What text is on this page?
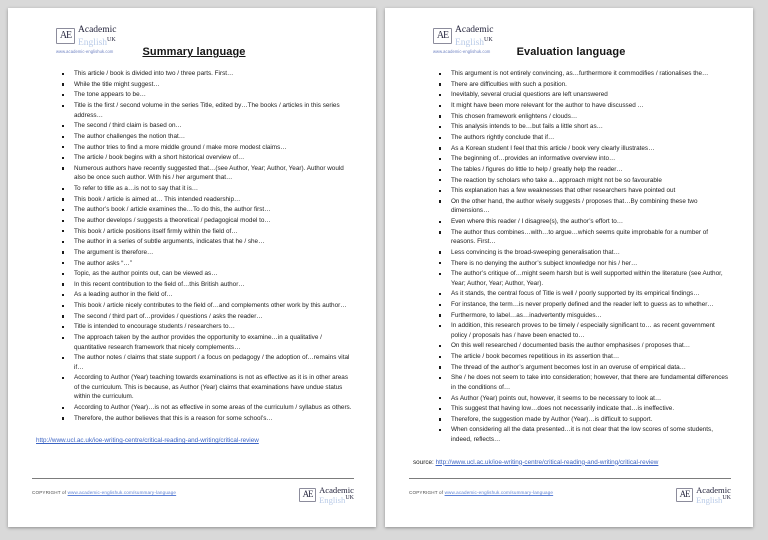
AE Academic
English$^{UK}$
www.academic-englishuk.com	Summary language
This article / book is divided into two / three parts. First…
While the title might suggest…
The tone appears to be…
Title is the first / second volume in the series Title, edited by…The books / articles in this series address…
The second / third claim is based on…
The author challenges the notion that…
The author tries to find a more middle ground / make more modest claims…
The article / book begins with a short historical overview of…
Numerous authors have recently suggested that…(see Author, Year; Author, Year). Author would also be once such author. With his / her argument that…
To refer to title as a…is not to say that it is…
This book / article is aimed at… This intended readership…
The author’s book / article examines the…To do this, the author first…
The author develops / suggests a theoretical / pedagogical model to…
This book / article positions itself firmly within the field of…
The author in a series of subtle arguments, indicates that he / she…
The argument is therefore…
The author asks “…”
Topic, as the author points out, can be viewed as…
In this recent contribution to the field of…this British author…
As a leading author in the field of…
This book / article nicely contributes to the field of…and complements other work by this author…
The second / third part of…provides / questions / asks the reader…
Title is intended to encourage students / researchers to…
The approach taken by the author provides the opportunity to examine…in a qualitative / quantitative research framework that nicely complements…
The author notes / claims that state support / a focus on pedagogy / the adoption of…remains vital if…
According to Author (Year) teaching towards examinations is not as effective as it is in other areas of the curriculum. This is because, as Author (Year) claims that examinations have undue status within the curriculum.
According to Author (Year)…is not as effective in some areas of the curriculum / syllabus as others.
Therefore, the author believes that this is a reason for some school’s…
http://www.ucl.ac.uk/ioe-writing-centre/critical-reading-and-writing/critical-review
COPYRIGHT of www.academic-englishuk.com/summary-language	AE Academic
English$^{UK}$
AE Academic
English$^{UK}$
www.academic-englishuk.com	Evaluation language
This argument is not entirely convincing, as…furthermore it commodifies / rationalises the…
There are difficulties with such a position.
Inevitably, several crucial questions are left unanswered
It might have been more relevant for the author to have discussed …
This chosen framework enlightens / clouds…
This analysis intends to be…but fails a little short as…
The authors rightly conclude that if…
As a Korean student I feel that this article / book very clearly illustrates…
The beginning of…provides an informative overview into…
The tables / figures do little to help / greatly help the reader…
The reaction by scholars who take a…approach might not be so favourable
This explanation has a few weaknesses that other researchers have pointed out
On the other hand, the author wisely suggests / proposes that…By combining these two dimensions…
Even where this reader / I disagree(s), the author’s effort to…
The author thus combines…with…to argue…which seems quite improbable for a number of reasons. First…
Less convincing is the broad-sweeping generalisation that…
There is no denying the author’s subject knowledge nor his / her…
The author’s critique of…might seem harsh but is well supported within the literature (see Author, Year; Author, Year; Author, Year).
As it stands, the central focus of Title is well / poorly supported by its empirical findings…
For instance, the term…is never properly defined and the reader left to guess as to whether…
Furthermore, to label…as…inadvertently misguides…
In addition, this research proves to be timely / especially significant to… as recent government policy / proposals has / have been enacted to…
On this well researched / documented basis the author emphasises / proposes that…
The article / book becomes repetitious in its assertion that…
The thread of the author’s argument becomes lost in an overuse of empirical data…
She / he does not seem to take into consideration; however, that there are fundamental differences in the conditions of…
As Author (Year) points out, however, it seems to be necessary to look at…
This suggest that having low…does not necessarily indicate that…is ineffective.
Therefore, the suggestion made by Author (Year)…is difficult to support.
When considering all the data presented…it is not clear that the low scores of some students, indeed, reflects…
source: http://www.ucl.ac.uk/ioe-writing-centre/critical-reading-and-writing/critical-review
COPYRIGHT of www.academic-englishuk.com/summary-language	AE Academic
English$^{UK}$
